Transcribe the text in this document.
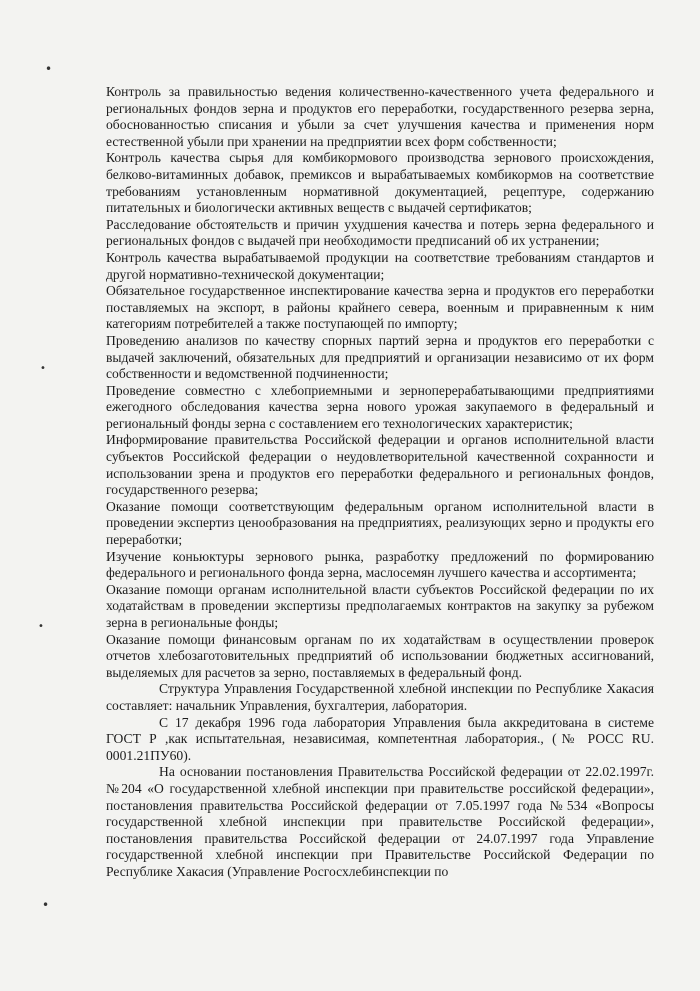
•
•
•
•

Контроль за правильностью ведения количественно-качественного учета федерального и региональных фондов зерна и продуктов его переработки, государственного резерва зерна, обоснованностью списания и убыли за счет улучшения качества и применения норм естественной убыли при хранении на предприятии всех форм собственности;

Контроль качества сырья для комбикормового производства зернового происхождения, белково-витаминных добавок, премиксов и вырабатываемых комбикормов на соответствие требованиям установленным нормативной документацией, рецептуре, содержанию питательных и биологически активных веществ с выдачей сертификатов;

Расследование обстоятельств и причин ухудшения качества и потерь зерна федерального и региональных фондов с выдачей при необходимости предписаний об их устранении;

Контроль качества вырабатываемой продукции на соответствие требованиям стандартов и другой нормативно-технической документации;

Обязательное государственное инспектирование качества зерна и продуктов его переработки поставляемых на экспорт, в районы крайнего севера, военным и приравненным к ним категориям потребителей а также поступающей по импорту;

Проведению анализов по качеству спорных партий зерна и продуктов его переработки с выдачей заключений, обязательных для предприятий и организации независимо от их форм собственности и ведомственной подчиненности;

Проведение совместно с хлебоприемными и зерноперерабатывающими предприятиями ежегодного обследования качества зерна нового урожая закупаемого в федеральный и региональный фонды зерна с составлением его технологических характеристик;

Информирование правительства Российской федерации и органов исполнительной власти субъектов Российской федерации о неудовлетворительной качественной сохранности и использовании зрена и продуктов его переработки федерального и региональных фондов, государственного резерва;

Оказание помощи соответствующим федеральным органом исполнительной власти в проведении экспертиз ценообразования на предприятиях, реализующих зерно и продукты его переработки;

Изучение коньюктуры зернового рынка, разработку предложений по формированию федерального и регионального фонда зерна, маслосемян лучшего качества и ассортимента;

Оказание помощи органам исполнительной власти субъектов Российской федерации по их ходатайствам в проведении экспертизы предполагаемых контрактов на закупку за рубежом зерна в региональные фонды;

Оказание помощи финансовым органам по их ходатайствам в осуществлении проверок отчетов хлебозаготовительных предприятий об использовании бюджетных ассигнований, выделяемых для расчетов за зерно, поставляемых в федеральный фонд.

Структура Управления Государственной хлебной инспекции по Республике Хакасия составляет: начальник Управления, бухгалтерия, лаборатория.

С 17 декабря 1996 года лаборатория Управления была аккредитована в системе ГОСТ Р ,как испытательная, независимая, компетентная лаборатория., (№ РОСС RU. 0001.21ПУ60).

На основании постановления Правительства Российской федерации от 22.02.1997г. №204 «О государственной хлебной инспекции при правительстве российской федерации», постановления правительства Российской федерации от 7.05.1997 года №534 «Вопросы государственной хлебной инспекции при правительстве Российской федерации», постановления правительства Российской федерации от 24.07.1997 года Управление государственной хлебной инспекции при Правительстве Российской Федерации по Республике Хакасия (Управление Росгосхлебинспекции по
